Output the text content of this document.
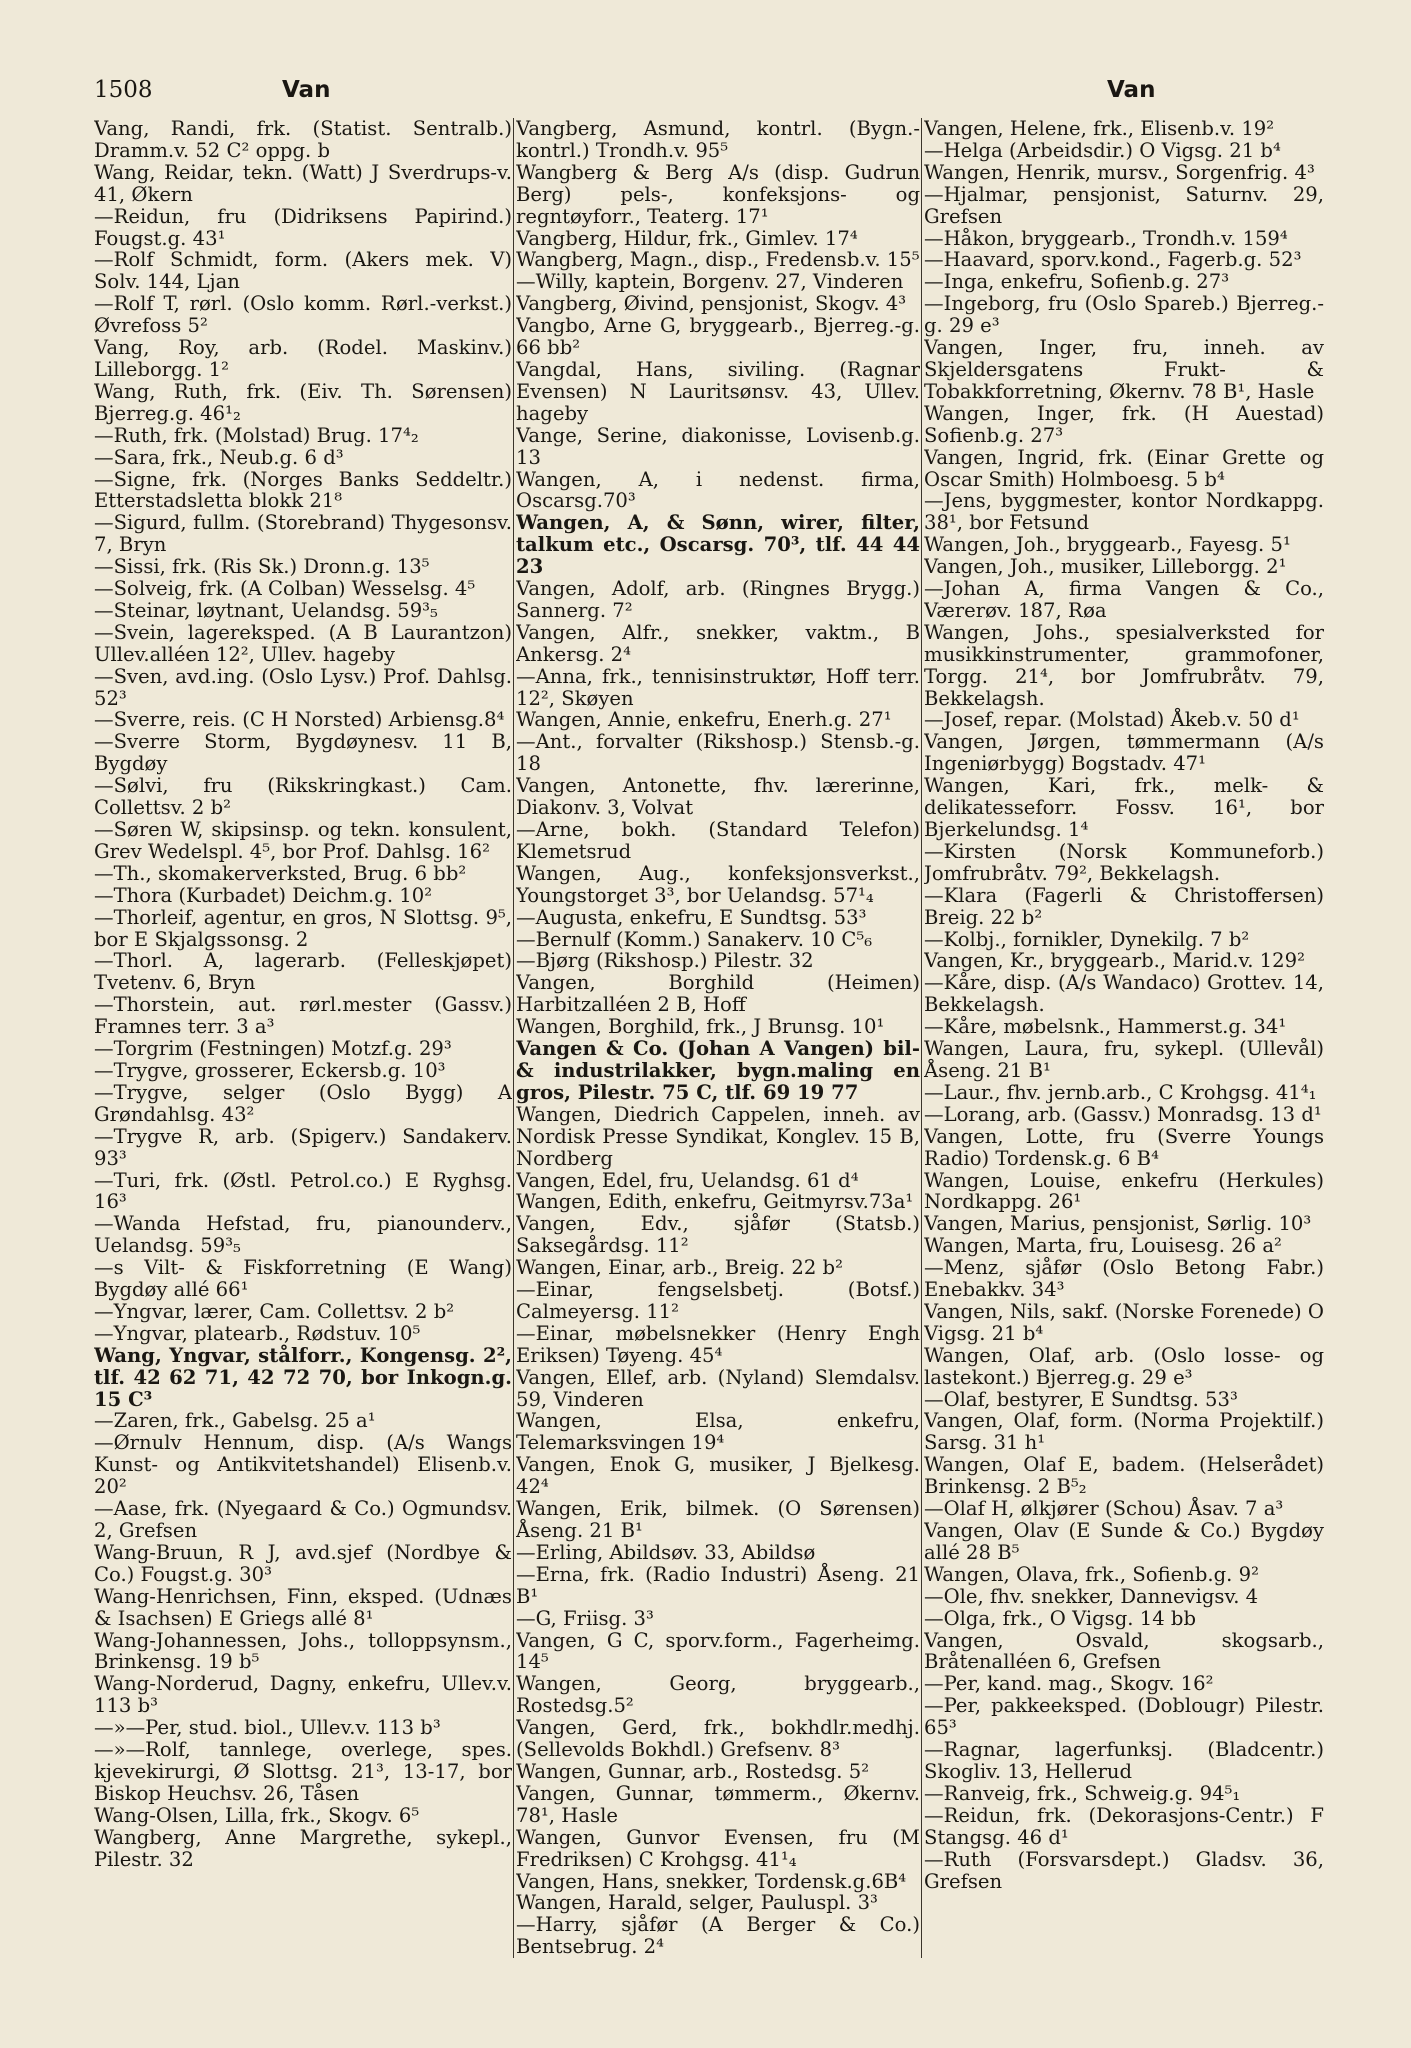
1508	Van	Van
Vang, Randi, frk. (Statist. Sentralb.) Dramm.v. 52 C² oppg. b
Wang, Reidar, tekn. (Watt) J Sverdrups-v. 41, Økern
—Reidun, fru (Didriksens Papirind.) Fougst.g. 43¹
—Rolf Schmidt, form. (Akers mek. V) Solv. 144, Ljan
—Rolf T, rørl. (Oslo komm. Rørl.-verkst.) Øvrefoss 5²
Vang, Roy, arb. (Rodel. Maskinv.) Lilleborgg. 1²
Wang, Ruth, frk. (Eiv. Th. Sørensen) Bjerreg.g. 46¹₂
—Ruth, frk. (Molstad) Brug. 17⁴₂
—Sara, frk., Neub.g. 6 d³
—Signe, frk. (Norges Banks Seddeltr.) Etterstadsletta blokk 21⁸
—Sigurd, fullm. (Storebrand) Thygesonsv. 7, Bryn
—Sissi, frk. (Ris Sk.) Dronn.g. 13⁵
—Solveig, frk. (A Colban) Wesselsg. 4⁵
—Steinar, løytnant, Uelandsg. 59³₅
—Svein, lagereksped. (A B Laurantzon) Ullev.alléen 12², Ullev. hageby
—Sven, avd.ing. (Oslo Lysv.) Prof. Dahlsg. 52³
—Sverre, reis. (C H Norsted) Arbiensg.8⁴
—Sverre Storm, Bygdøynesv. 11 B, Bygdøy
—Sølvi, fru (Rikskringkast.) Cam. Collettsv. 2 b²
—Søren W, skipsinsp. og tekn. konsulent, Grev Wedelspl. 4⁵, bor Prof. Dahlsg. 16²
—Th., skomakerverksted, Brug. 6 bb²
—Thora (Kurbadet) Deichm.g. 10²
—Thorleif, agentur, en gros, N Slottsg. 9⁵, bor E Skjalgssonsg. 2
—Thorl. A, lagerarb. (Felleskjøpet) Tvetenv. 6, Bryn
—Thorstein, aut. rørl.mester (Gassv.) Framnes terr. 3 a³
—Torgrim (Festningen) Motzf.g. 29³
—Trygve, grosserer, Eckersb.g. 10³
—Trygve, selger (Oslo Bygg) A Grøndahlsg. 43²
—Trygve R, arb. (Spigerv.) Sandakerv. 93³
—Turi, frk. (Østl. Petrol.co.) E Ryghsg. 16³
—Wanda Hefstad, fru, pianounderv., Uelandsg. 59³₅
—s Vilt- & Fiskforretning (E Wang) Bygdøy allé 66¹
—Yngvar, lærer, Cam. Collettsv. 2 b²
—Yngvar, platearb., Rødstuv. 10⁵
Wang, Yngvar, stålforr., Kongensg. 2², tlf. 42 62 71, 42 72 70, bor Inkogn.g. 15 C³
—Zaren, frk., Gabelsg. 25 a¹
—Ørnulv Hennum, disp. (A/s Wangs Kunst- og Antikvitetshandel) Elisenb.v. 20²
—Aase, frk. (Nyegaard & Co.) Ogmundsv. 2, Grefsen
Wang-Bruun, R J, avd.sjef (Nordbye & Co.) Fougst.g. 30³
Wang-Henrichsen, Finn, eksped. (Udnæs & Isachsen) E Griegs allé 8¹
Wang-Johannessen, Johs., tolloppsynsm., Brinkensg. 19 b⁵
Wang-Norderud, Dagny, enkefru, Ullev.v. 113 b³
—»—Per, stud. biol., Ullev.v. 113 b³
—»—Rolf, tannlege, overlege, spes. kjevekirurgi, Ø Slottsg. 21³, 13-17, bor Biskop Heuchsv. 26, Tåsen
Wang-Olsen, Lilla, frk., Skogv. 6⁵
Wangberg, Anne Margrethe, sykepl., Pilestr. 32
Vangberg, Asmund, kontrl. (Bygn.-kontrl.) Trondh.v. 95⁵
Wangberg & Berg A/s (disp. Gudrun Berg) pels-, konfeksjons- og regntøyforr., Teaterg. 17¹
Vangberg, Hildur, frk., Gimlev. 17⁴
Wangberg, Magn., disp., Fredensb.v. 15⁵
—Willy, kaptein, Borgenv. 27, Vinderen
Vangberg, Øivind, pensjonist, Skogv. 4³
Vangbo, Arne G, bryggearb., Bjerreg.-g. 66 bb²
Vangdal, Hans, siviling. (Ragnar Evensen) N Lauritsønsv. 43, Ullev. hageby
Vange, Serine, diakonisse, Lovisenb.g. 13
Wangen, A, i nedenst. firma, Oscarsg.70³
Wangen, A, & Sønn, wirer, filter, talkum etc., Oscarsg. 70³, tlf. 44 44 23
Vangen, Adolf, arb. (Ringnes Brygg.) Sannerg. 7²
Vangen, Alfr., snekker, vaktm., B Ankersg. 2⁴
—Anna, frk., tennisinstruktør, Hoff terr. 12², Skøyen
Wangen, Annie, enkefru, Enerh.g. 27¹
—Ant., forvalter (Rikshosp.) Stensb.-g. 18
Vangen, Antonette, fhv. lærerinne, Diakonv. 3, Volvat
—Arne, bokh. (Standard Telefon) Klemetsrud
Wangen, Aug., konfeksjonsverkst., Youngstorget 3³, bor Uelandsg. 57¹₄
—Augusta, enkefru, E Sundtsg. 53³
—Bernulf (Komm.) Sanakerv. 10 C⁵₆
—Bjørg (Rikshosp.) Pilestr. 32
Vangen, Borghild (Heimen) Harbitzalléen 2 B, Hoff
Wangen, Borghild, frk., J Brunsg. 10¹
Vangen & Co. (Johan A Vangen) bil- & industrilakker, bygn.maling en gros, Pilestr. 75 C, tlf. 69 19 77
Wangen, Diedrich Cappelen, inneh. av Nordisk Presse Syndikat, Konglev. 15 B, Nordberg
Vangen, Edel, fru, Uelandsg. 61 d⁴
Wangen, Edith, enkefru, Geitmyrsv.73a¹
Vangen, Edv., sjåfør (Statsb.) Saksegårdsg. 11²
Wangen, Einar, arb., Breig. 22 b²
—Einar, fengselsbetj. (Botsf.) Calmeyersg. 11²
—Einar, møbelsnekker (Henry Engh Eriksen) Tøyeng. 45⁴
Vangen, Ellef, arb. (Nyland) Slemdalsv. 59, Vinderen
Wangen, Elsa, enkefru, Telemarksvingen 19⁴
Vangen, Enok G, musiker, J Bjelkesg. 42⁴
Wangen, Erik, bilmek. (O Sørensen) Åseng. 21 B¹
—Erling, Abildsøv. 33, Abildsø
—Erna, frk. (Radio Industri) Åseng. 21 B¹
—G, Friisg. 3³
Vangen, G C, sporv.form., Fagerheimg. 14⁵
Wangen, Georg, bryggearb., Rostedsg.5²
Vangen, Gerd, frk., bokhdlr.medhj. (Sellevolds Bokhdl.) Grefsenv. 8³
Wangen, Gunnar, arb., Rostedsg. 5²
Vangen, Gunnar, tømmerm., Økernv. 78¹, Hasle
Wangen, Gunvor Evensen, fru (M Fredriksen) C Krohgsg. 41¹₄
Vangen, Hans, snekker, Tordensk.g.6B⁴
Wangen, Harald, selger, Pauluspl. 3³
—Harry, sjåfør (A Berger & Co.) Bentsebrug. 2⁴
Vangen, Helene, frk., Elisenb.v. 19²
—Helga (Arbeidsdir.) O Vigsg. 21 b⁴
Wangen, Henrik, mursv., Sorgenfrig. 4³
—Hjalmar, pensjonist, Saturnv. 29, Grefsen
—Håkon, bryggearb., Trondh.v. 159⁴
—Haavard, sporv.kond., Fagerb.g. 52³
—Inga, enkefru, Sofienb.g. 27³
—Ingeborg, fru (Oslo Spareb.) Bjerreg.-g. 29 e³
Vangen, Inger, fru, inneh. av Skjeldersgatens Frukt- & Tobakkforretning, Økernv. 78 B¹, Hasle
Wangen, Inger, frk. (H Auestad) Sofienb.g. 27³
Vangen, Ingrid, frk. (Einar Grette og Oscar Smith) Holmboesg. 5 b⁴
—Jens, byggmester, kontor Nordkappg. 38¹, bor Fetsund
Wangen, Joh., bryggearb., Fayesg. 5¹
Vangen, Joh., musiker, Lilleborgg. 2¹
—Johan A, firma Vangen & Co., Værerøv. 187, Røa
Wangen, Johs., spesialverksted for musikkinstrumenter, grammofoner, Torgg. 21⁴, bor Jomfrubråtv. 79, Bekkelagsh.
—Josef, repar. (Molstad) Åkeb.v. 50 d¹
Vangen, Jørgen, tømmermann (A/s Ingeniørbygg) Bogstadv. 47¹
Wangen, Kari, frk., melk- & delikatesseforr. Fossv. 16¹, bor Bjerkelundsg. 1⁴
—Kirsten (Norsk Kommuneforb.) Jomfrubråtv. 79², Bekkelagsh.
—Klara (Fagerli & Christoffersen) Breig. 22 b²
—Kolbj., fornikler, Dynekilg. 7 b²
Vangen, Kr., bryggearb., Marid.v. 129²
—Kåre, disp. (A/s Wandaco) Grottev. 14, Bekkelagsh.
—Kåre, møbelsnk., Hammerst.g. 34¹
Wangen, Laura, fru, sykepl. (Ullevål) Åseng. 21 B¹
—Laur., fhv. jernb.arb., C Krohgsg. 41⁴₁
—Lorang, arb. (Gassv.) Monradsg. 13 d¹
Vangen, Lotte, fru (Sverre Youngs Radio) Tordensk.g. 6 B⁴
Wangen, Louise, enkefru (Herkules) Nordkappg. 26¹
Vangen, Marius, pensjonist, Sørlig. 10³
Wangen, Marta, fru, Louisesg. 26 a²
—Menz, sjåfør (Oslo Betong Fabr.) Enebakkv. 34³
Vangen, Nils, sakf. (Norske Forenede) O Vigsg. 21 b⁴
Wangen, Olaf, arb. (Oslo losse- og lastekont.) Bjerreg.g. 29 e³
—Olaf, bestyrer, E Sundtsg. 53³
Vangen, Olaf, form. (Norma Projektilf.) Sarsg. 31 h¹
Wangen, Olaf E, badem. (Helserådet) Brinkensg. 2 B⁵₂
—Olaf H, ølkjører (Schou) Åsav. 7 a³
Vangen, Olav (E Sunde & Co.) Bygdøy allé 28 B⁵
Wangen, Olava, frk., Sofienb.g. 9²
—Ole, fhv. snekker, Dannevigsv. 4
—Olga, frk., O Vigsg. 14 bb
Vangen, Osvald, skogsarb., Bråtenalléen 6, Grefsen
—Per, kand. mag., Skogv. 16²
—Per, pakkeeksped. (Doblougr) Pilestr. 65³
—Ragnar, lagerfunksj. (Bladcentr.) Skogliv. 13, Hellerud
—Ranveig, frk., Schweig.g. 94⁵₁
—Reidun, frk. (Dekorasjons-Centr.) F Stangsg. 46 d¹
—Ruth (Forsvarsdept.) Gladsv. 36, Grefsen
